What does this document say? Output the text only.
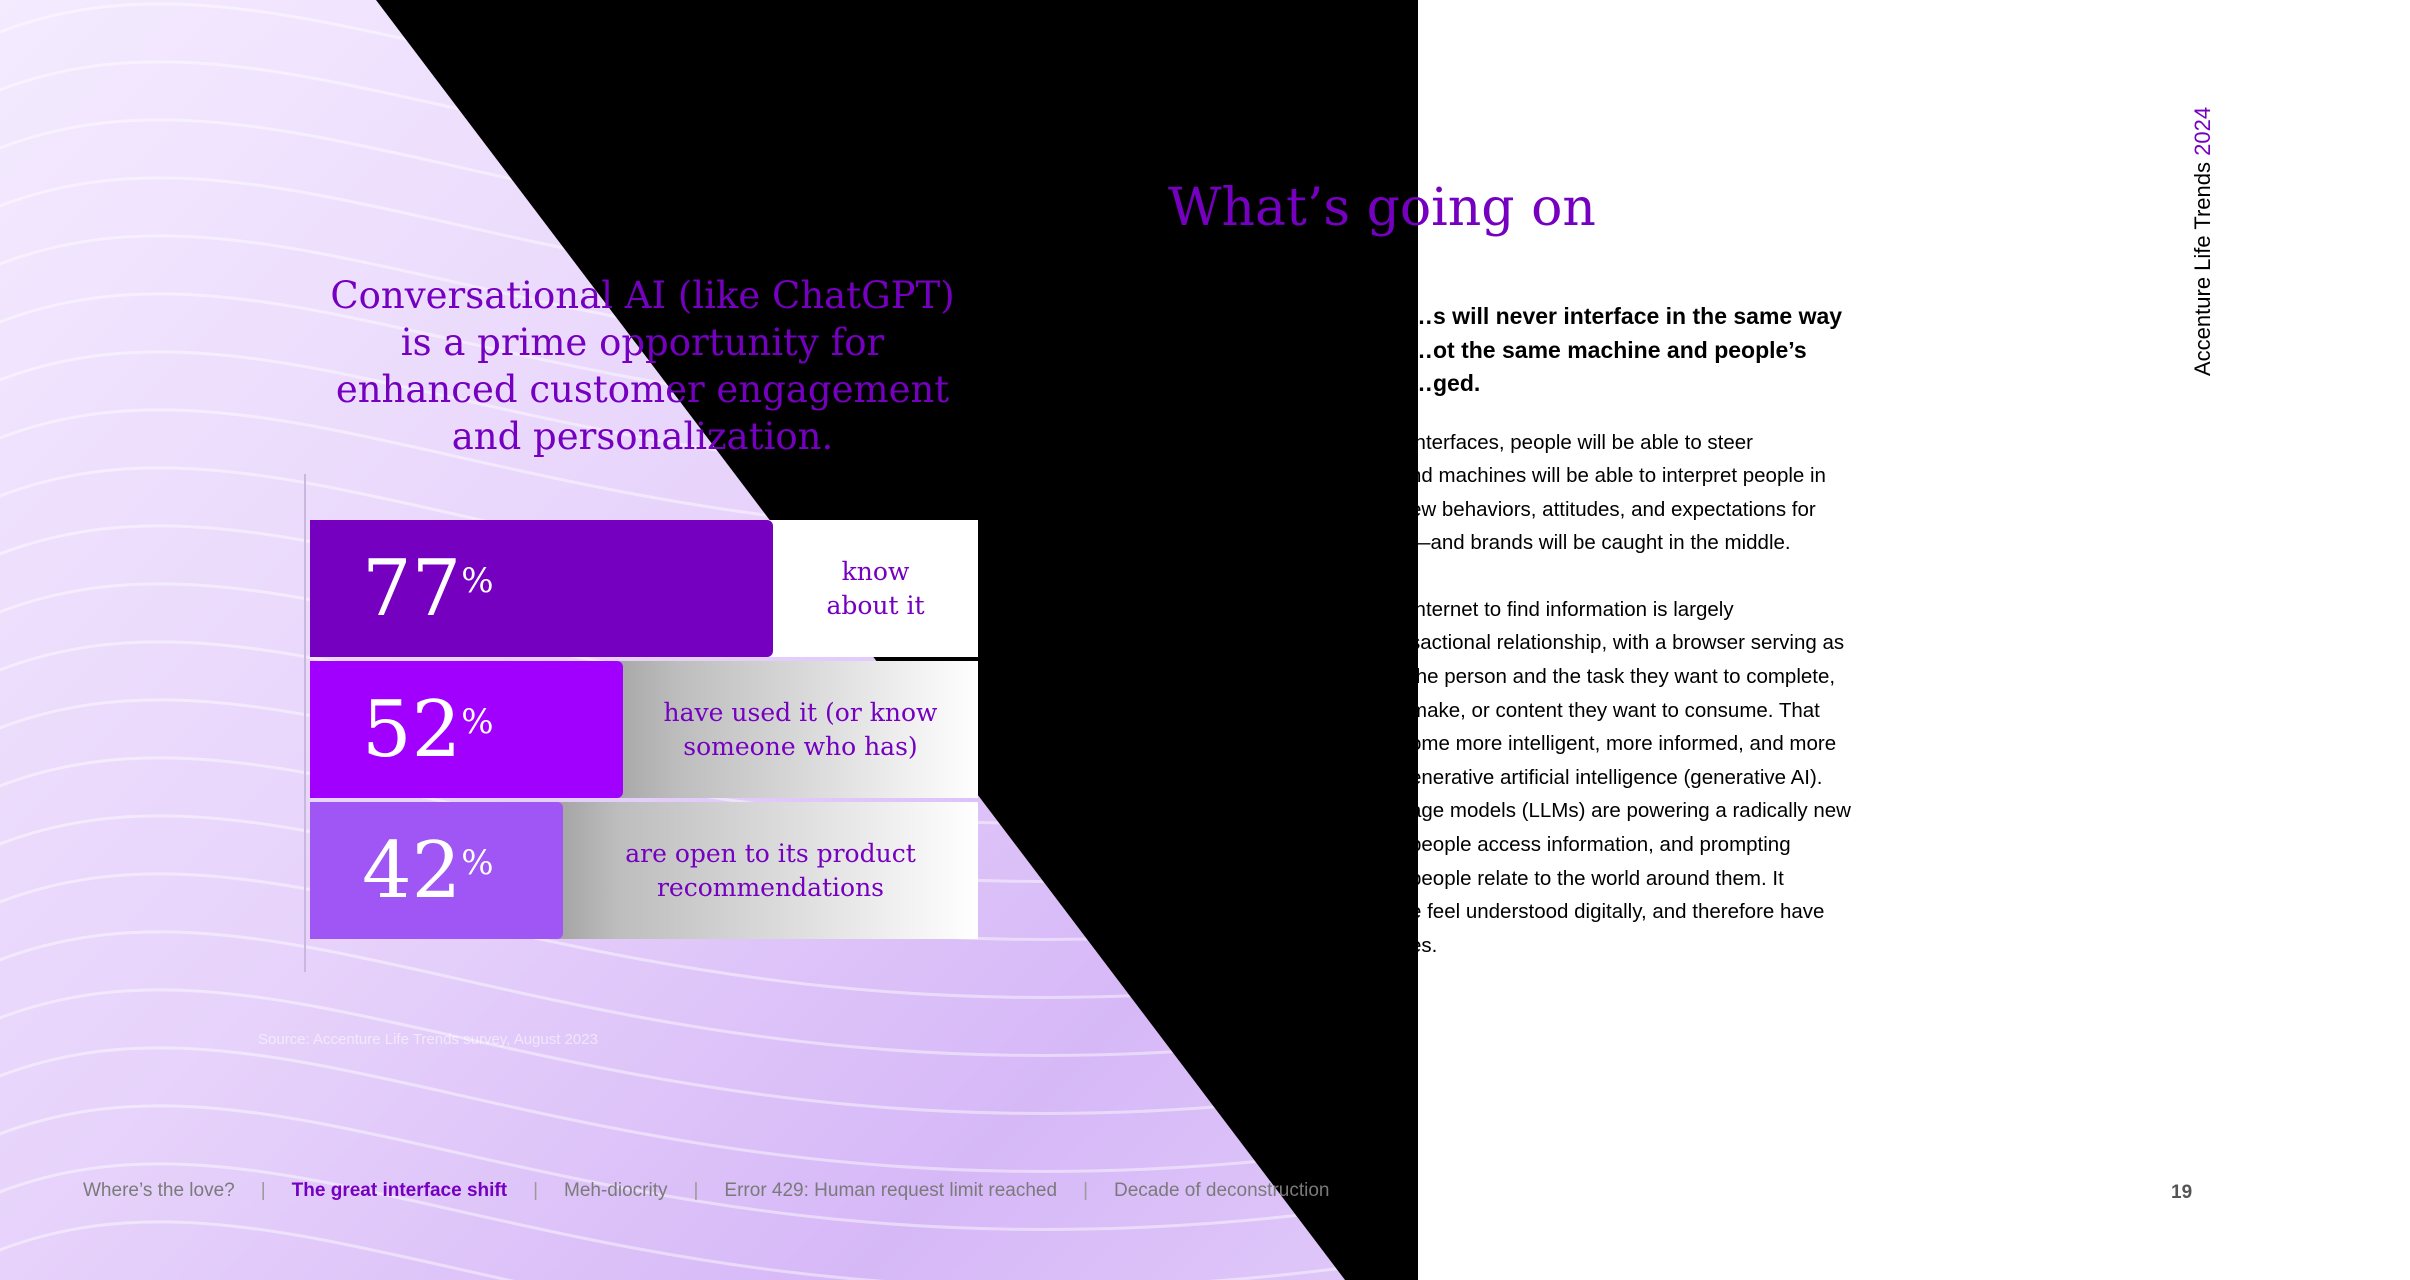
Conversational AI (like ChatGPT)
is a prime opportunity for
enhanced customer engagement
and personalization.
know
about it
77 %
have used it (or know
someone who has)
52 %
are open to its product
recommendations
42 %
Source: Accenture Life Trends survey, August 2023
What’s going on
…s will never interface in the same way
…ot the same machine and people’s
…ged.
interfaces, people will be able to steer
nd machines will be able to interpret people in
ew behaviors, attitudes, and expectations for
—and brands will be caught in the middle.
internet to find information is largely
sactional relationship, with a browser serving as
the person and the task they want to complete,
make, or content they want to consume. That
ome more intelligent, more informed, and more
enerative artificial intelligence (generative AI).
age models (LLMs) are powering a radically new
people access information, and prompting
people relate to the world around them. It
e feel understood digitally, and therefore have
es.
Accenture Life Trends 2024
Where’s the love? | The great interface shift | Meh-diocrity | Error 429: Human request limit reached | Decade of deconstruction	19
